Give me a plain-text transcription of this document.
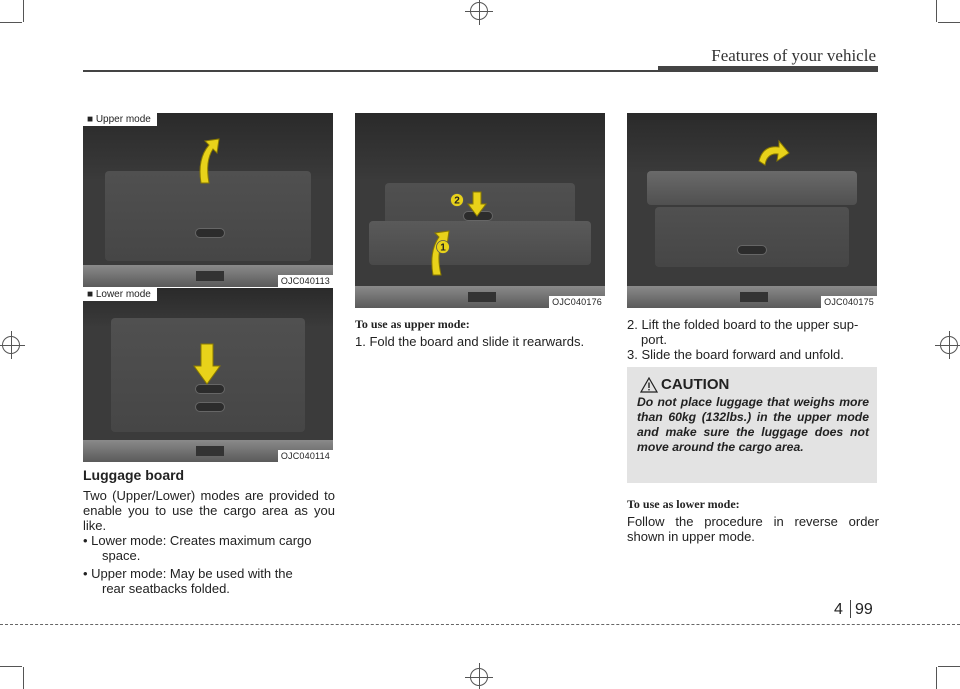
Features of your vehicle
■ Upper mode
OJC040113
■ Lower mode
OJC040114
2
1
OJC040176	OJC040175
Luggage board
Two (Upper/Lower) modes are provided to enable you to use the cargo area as you like.
• Lower mode: Creates maximum cargo
space.
• Upper mode: May be used with the
rear seatbacks folded.
To use as upper mode:
1. Fold the board and slide it rearwards.
2. Lift the folded board to the upper sup-
port.
3. Slide the board forward and unfold.
CAUTION
Do not place luggage that weighs more than 60kg (132lbs.) in the upper mode and make sure the luggage does not move around the cargo area.
To use as lower mode:
Follow the procedure in reverse order shown in upper mode.
4 99
